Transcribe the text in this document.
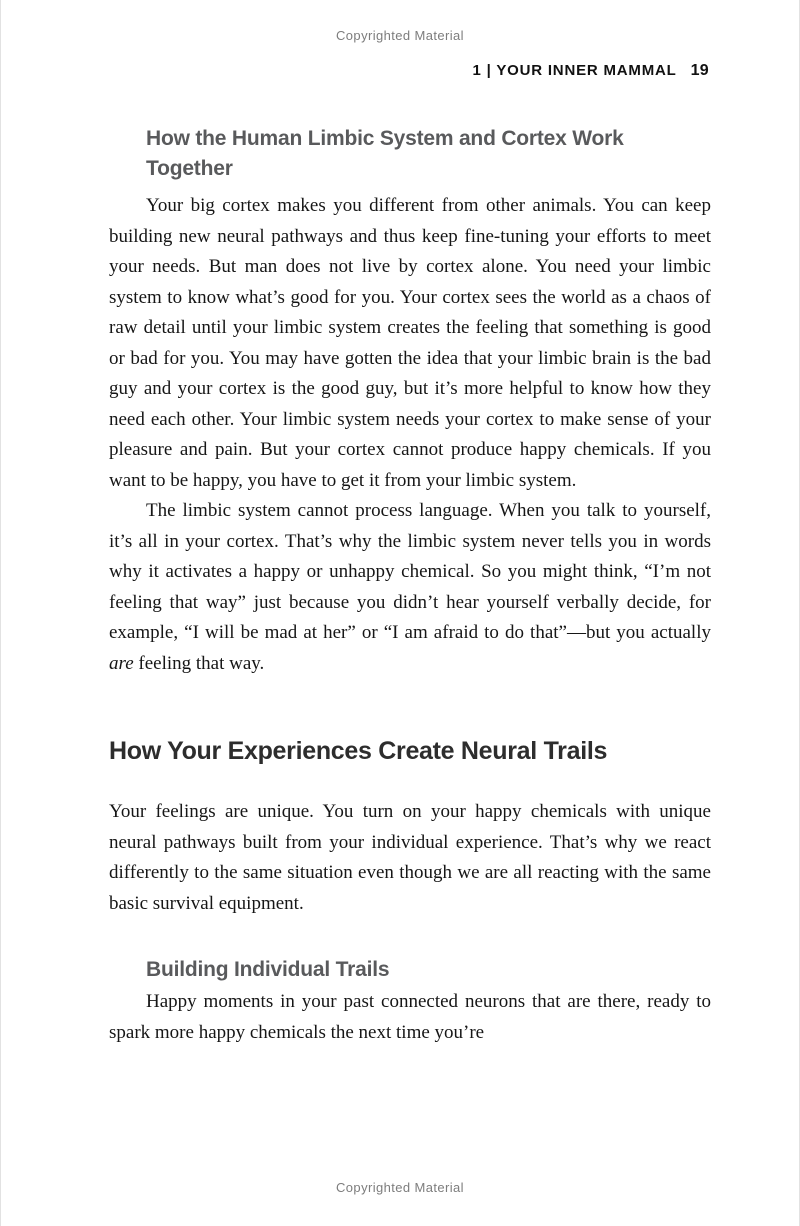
Copyrighted Material
1 | YOUR INNER MAMMAL 19
How the Human Limbic System and Cortex Work Together

Your big cortex makes you different from other animals. You can keep building new neural pathways and thus keep fine-tuning your efforts to meet your needs. But man does not live by cortex alone. You need your limbic system to know what’s good for you. Your cortex sees the world as a chaos of raw detail until your limbic system creates the feeling that something is good or bad for you. You may have gotten the idea that your limbic brain is the bad guy and your cortex is the good guy, but it’s more helpful to know how they need each other. Your limbic system needs your cortex to make sense of your pleasure and pain. But your cortex cannot produce happy chemicals. If you want to be happy, you have to get it from your limbic system.

The limbic system cannot process language. When you talk to yourself, it’s all in your cortex. That’s why the limbic system never tells you in words why it activates a happy or unhappy chemical. So you might think, “I’m not feeling that way” just because you didn’t hear yourself verbally decide, for example, “I will be mad at her” or “I am afraid to do that”—but you actually are feeling that way.

How Your Experiences Create Neural Trails

Your feelings are unique. You turn on your happy chemicals with unique neural pathways built from your individual experience. That’s why we react differently to the same situation even though we are all reacting with the same basic survival equipment.

Building Individual Trails

Happy moments in your past connected neurons that are there, ready to spark more happy chemicals the next time you’re

Copyrighted Material
